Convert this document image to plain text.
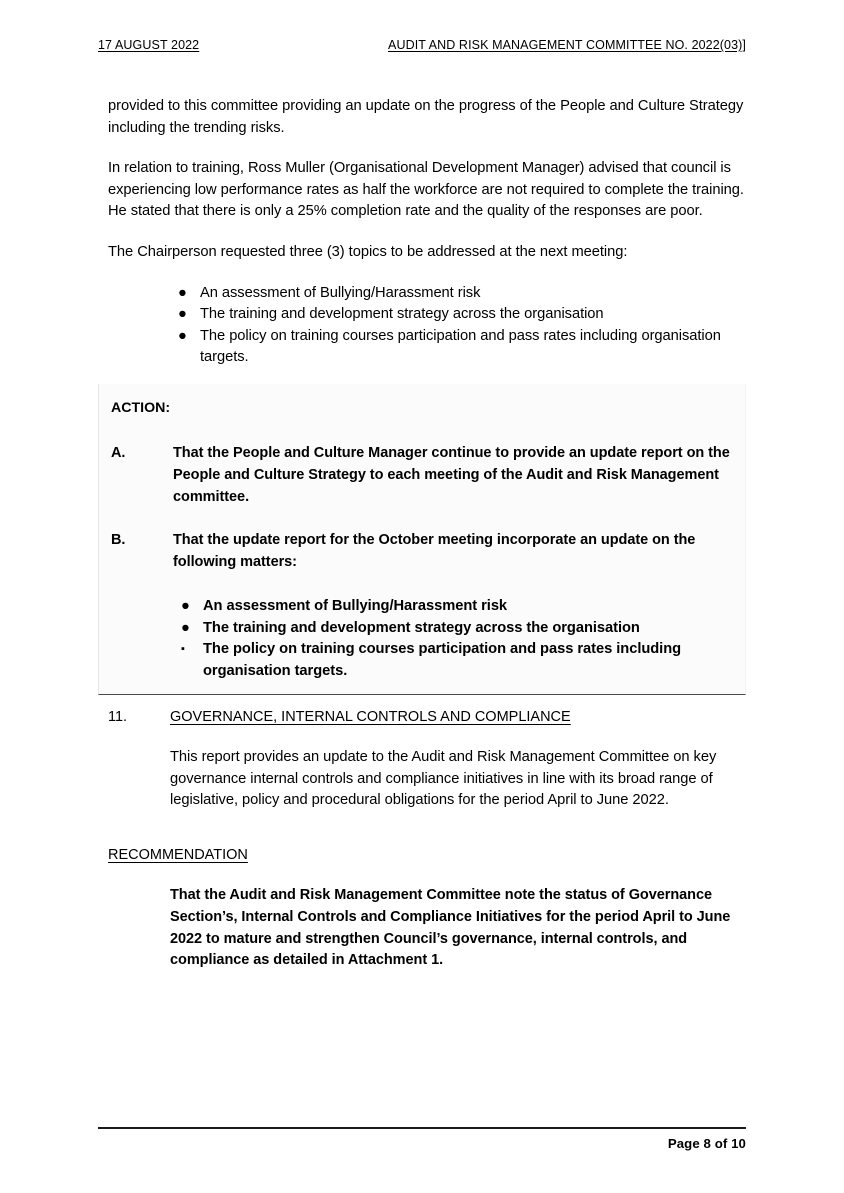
17 AUGUST 2022	AUDIT AND RISK MANAGEMENT COMMITTEE NO. 2022(03)]

provided to this committee providing an update on the progress of the People and Culture Strategy including the trending risks.

In relation to training, Ross Muller (Organisational Development Manager) advised that council is experiencing low performance rates as half the workforce are not required to complete the training. He stated that there is only a 25% completion rate and the quality of the responses are poor.

The Chairperson requested three (3) topics to be addressed at the next meeting:

● An assessment of Bullying/Harassment risk
● The training and development strategy across the organisation
● The policy on training courses participation and pass rates including organisation targets.
ACTION:
A.	That the People and Culture Manager continue to provide an update report on the People and Culture Strategy to each meeting of the Audit and Risk Management committee.
B.	That the update report for the October meeting incorporate an update on the following matters:
● An assessment of Bullying/Harassment risk
● The training and development strategy across the organisation
▪ The policy on training courses participation and pass rates including organisation targets.
11.	GOVERNANCE, INTERNAL CONTROLS AND COMPLIANCE
This report provides an update to the Audit and Risk Management Committee on key governance internal controls and compliance initiatives in line with its broad range of legislative, policy and procedural obligations for the period April to June 2022.
RECOMMENDATION
That the Audit and Risk Management Committee note the status of Governance Section’s, Internal Controls and Compliance Initiatives for the period April to June 2022 to mature and strengthen Council’s governance, internal controls, and compliance as detailed in Attachment 1.
Page 8 of 10
